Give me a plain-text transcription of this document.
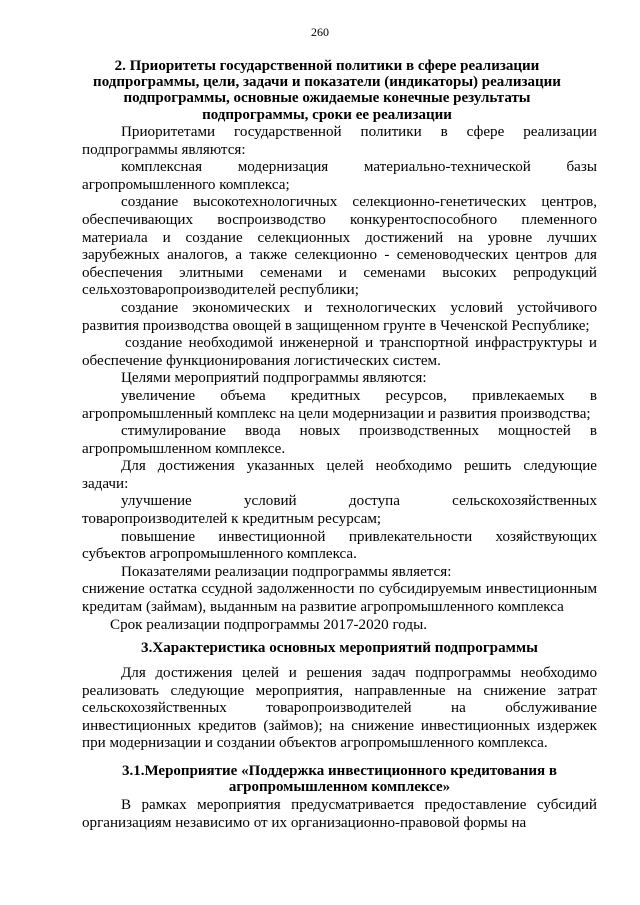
260
2. Приоритеты государственной политики в сфере реализации подпрограммы, цели, задачи и показатели (индикаторы) реализации подпрограммы, основные ожидаемые конечные результаты подпрограммы, сроки ее реализации

Приоритетами государственной политики в сфере реализации подпрограммы являются:

комплексная модернизация материально-технической базы агропромышленного комплекса;

создание высокотехнологичных селекционно-генетических центров, обеспечивающих воспроизводство конкурентоспособного племенного материала и создание селекционных достижений на уровне лучших зарубежных аналогов, а также селекционно - семеноводческих центров для обеспечения элитными семенами и семенами высоких репродукций сельхозтоваропроизводителей республики;

создание экономических и технологических условий устойчивого развития производства овощей в защищенном грунте в Чеченской Республике;

создание необходимой инженерной и транспортной инфраструктуры и обеспечение функционирования логистических систем.

Целями мероприятий подпрограммы являются:

увеличение объема кредитных ресурсов, привлекаемых в агропромышленный комплекс на цели модернизации и развития производства;

стимулирование ввода новых производственных мощностей в агропромышленном комплексе.

Для достижения указанных целей необходимо решить следующие задачи:

улучшение условий доступа сельскохозяйственных товаропроизводителей к кредитным ресурсам;

повышение инвестиционной привлекательности хозяйствующих субъектов агропромышленного комплекса.

Показателями реализации подпрограммы является:

снижение остатка ссудной задолженности по субсидируемым инвестиционным кредитам (займам), выданным на развитие агропромышленного комплекса

Срок реализации подпрограммы 2017-2020 годы.

3.Характеристика основных мероприятий подпрограммы

Для достижения целей и решения задач подпрограммы необходимо реализовать следующие мероприятия, направленные на снижение затрат сельскохозяйственных товаропроизводителей на обслуживание инвестиционных кредитов (займов); на снижение инвестиционных издержек при модернизации и создании объектов агропромышленного комплекса.

3.1.Мероприятие «Поддержка инвестиционного кредитования в агропромышленном комплексе»

В рамках мероприятия предусматривается предоставление субсидий организациям независимо от их организационно-правовой формы на
